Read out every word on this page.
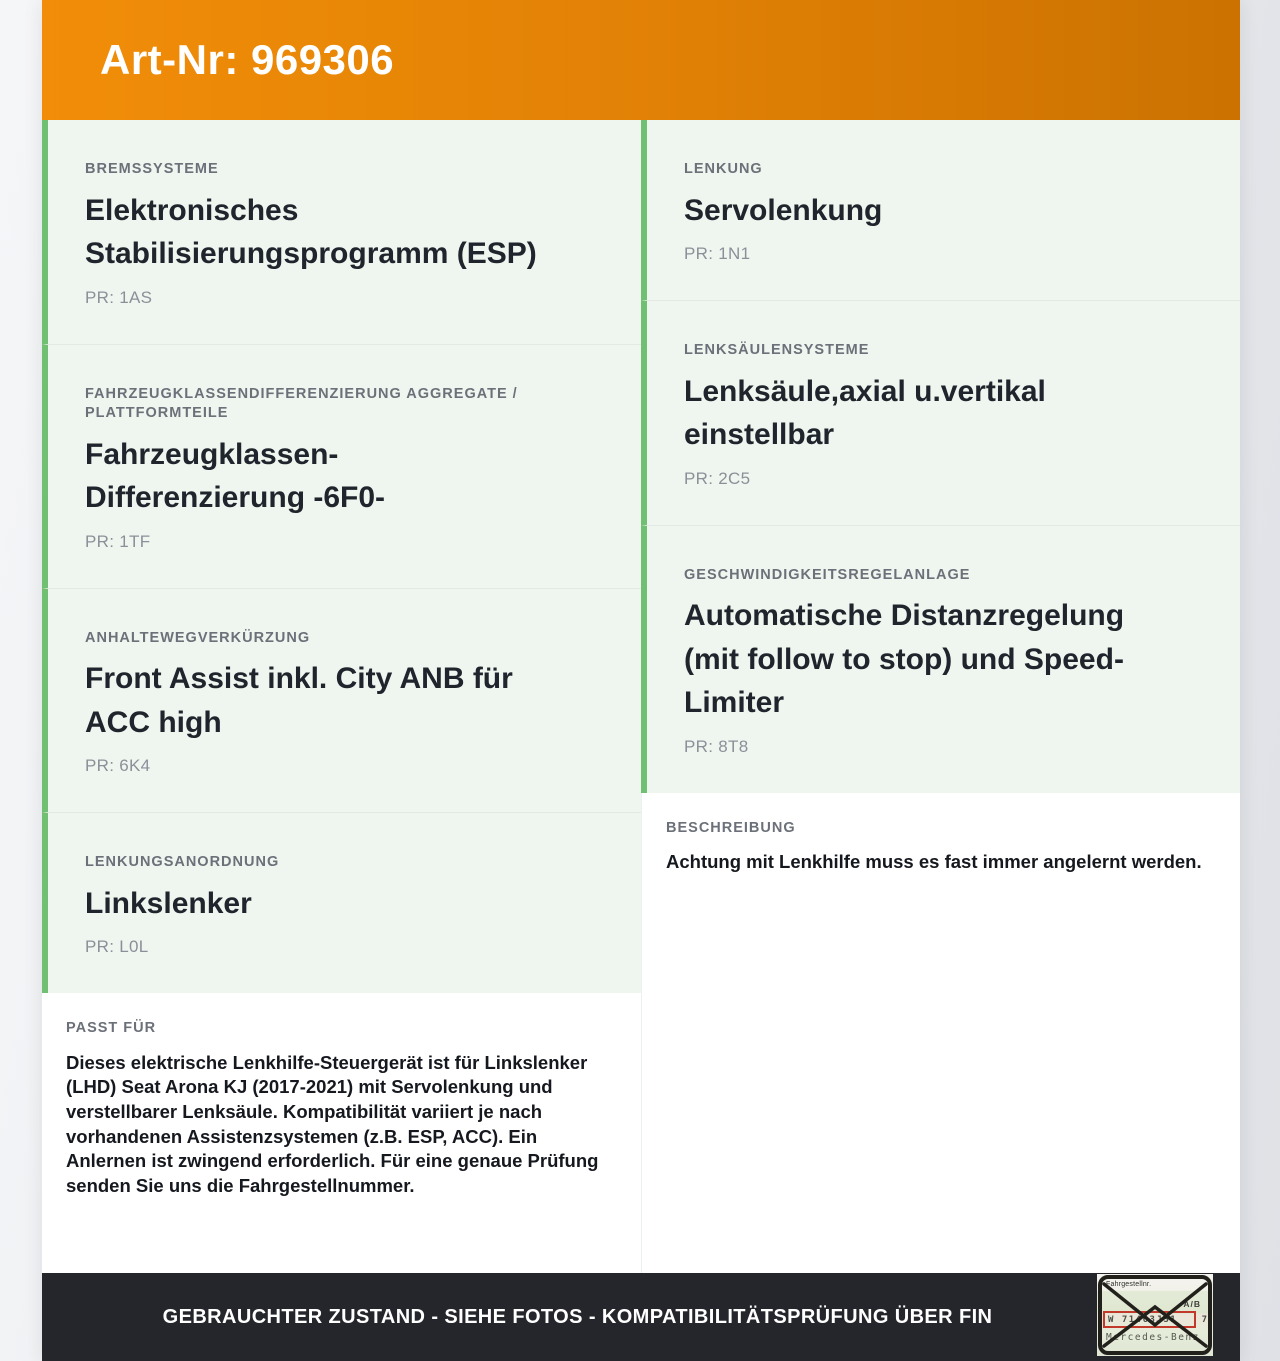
Art-Nr: 969306
BREMSSYSTEME
Elektronisches Stabilisierungsprogramm (ESP)
PR: 1AS
FAHRZEUGKLASSENDIFFERENZIERUNG AGGREGATE / PLATTFORMTEILE
Fahrzeugklassen-Differenzierung -6F0-
PR: 1TF
ANHALTEWEGVERKÜRZUNG
Front Assist inkl. City ANB für ACC high
PR: 6K4
LENKUNGSANORDNUNG
Linkslenker
PR: L0L
PASST FÜR
Dieses elektrische Lenkhilfe-Steuergerät ist für Linkslenker (LHD) Seat Arona KJ (2017-2021) mit Servolenkung und verstellbarer Lenksäule. Kompatibilität variiert je nach vorhandenen Assistenzsystemen (z.B. ESP, ACC). Ein Anlernen ist zwingend erforderlich. Für eine genaue Prüfung senden Sie uns die Fahrgestellnummer.
LENKUNG
Servolenkung
PR: 1N1
LENKSÄULENSYSTEME
Lenksäule,axial u.vertikal einstellbar
PR: 2C5
GESCHWINDIGKEITSREGELANLAGE
Automatische Distanzregelung (mit follow to stop) und Speed-Limiter
PR: 8T8
BESCHREIBUNG
Achtung mit Lenkhilfe muss es fast immer angelernt werden.
GEBRAUCHTER ZUSTAND - SIEHE FOTOS - KOMPATIBILITÄTSPRÜFUNG ÜBER FIN
Fahrgestellnr.
A/B
W 71463J31	7
Mercedes-Benz
